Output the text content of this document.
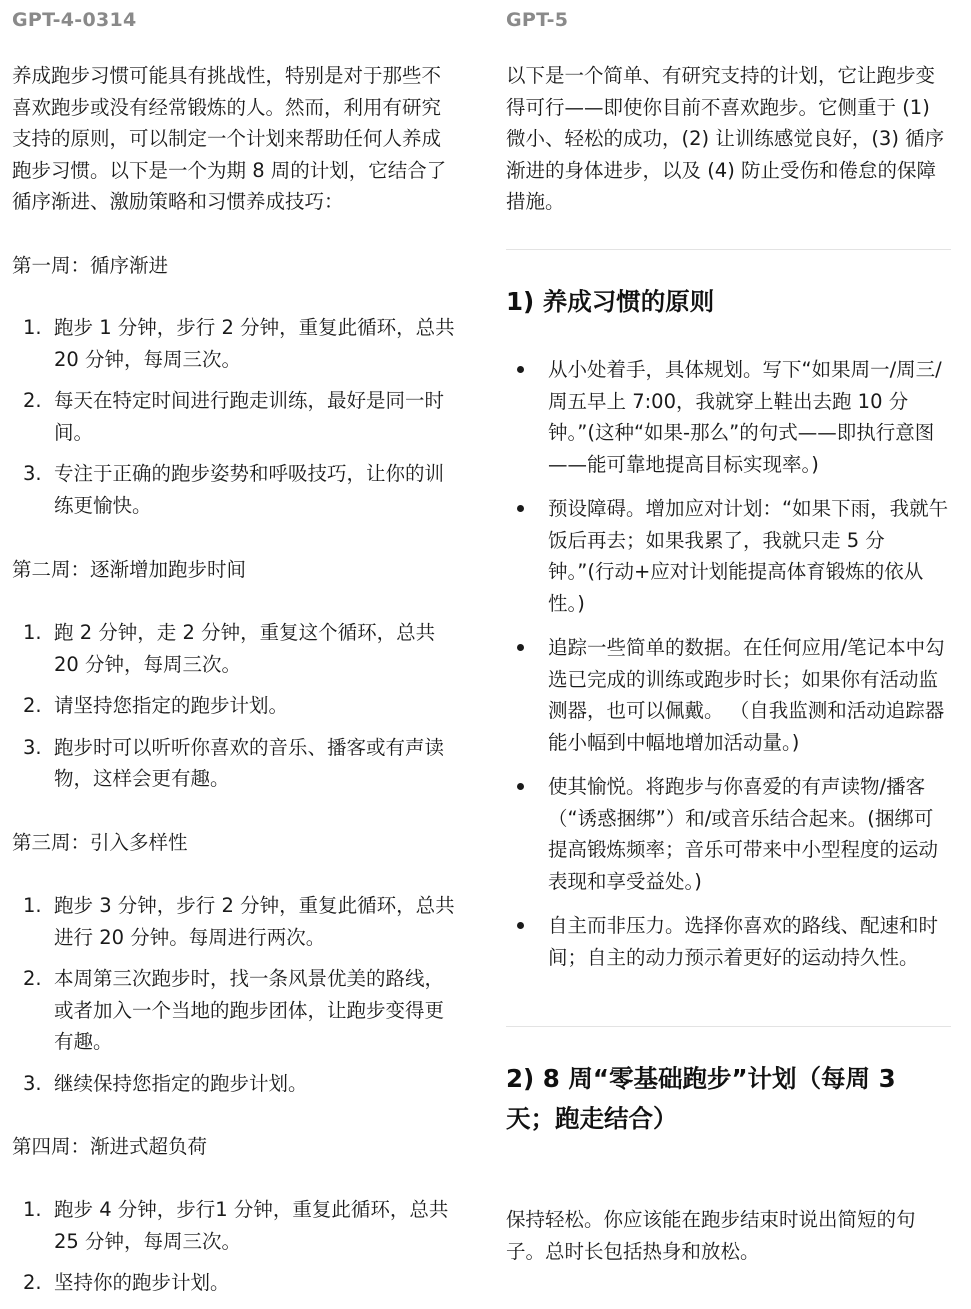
GPT-4-0314

养成跑步习惯可能具有挑战性，特别是对于那些不喜欢跑步或没有经常锻炼的人。然而，利用有研究支持的原则，可以制定一个计划来帮助任何人养成跑步习惯。以下是一个为期 8 周的计划，它结合了循序渐进、激励策略和习惯养成技巧：

第一周：循序渐进

1. 跑步 1 分钟，步行 2 分钟，重复此循环，总共 20 分钟，每周三次。
2. 每天在特定时间进行跑走训练，最好是同一时间。
3. 专注于正确的跑步姿势和呼吸技巧，让你的训练更愉快。

第二周：逐渐增加跑步时间

1. 跑 2 分钟，走 2 分钟，重复这个循环，总共 20 分钟，每周三次。
2. 请坚持您指定的跑步计划。
3. 跑步时可以听听你喜欢的音乐、播客或有声读物，这样会更有趣。

第三周：引入多样性

1. 跑步 3 分钟，步行 2 分钟，重复此循环，总共进行 20 分钟。每周进行两次。
2. 本周第三次跑步时，找一条风景优美的路线，或者加入一个当地的跑步团体，让跑步变得更有趣。
3. 继续保持您指定的跑步计划。

第四周：渐进式超负荷

1. 跑步 4 分钟，步行1 分钟，重复此循环，总共 25 分钟，每周三次。
2. 坚持你的跑步计划。
GPT-5

以下是一个简单、有研究支持的计划，它让跑步变得可行——即使你目前不喜欢跑步。它侧重于 (1) 微小、轻松的成功，(2) 让训练感觉良好，(3) 循序渐进的身体进步，以及 (4) 防止受伤和倦怠的保障措施。

1) 养成习惯的原则
从小处着手，具体规划。写下“如果周一/周三/周五早上 7:00，我就穿上鞋出去跑 10 分钟。”(这种“如果-那么”的句式——即执行意图——能可靠地提高目标实现率。)
预设障碍。增加应对计划：“如果下雨，我就午饭后再去；如果我累了，我就只走 5 分钟。”(行动+应对计划能提高体育锻炼的依从性。)
追踪一些简单的数据。在任何应用/笔记本中勾选已完成的训练或跑步时长；如果你有活动监测器，也可以佩戴。 （自我监测和活动追踪器能小幅到中幅地增加活动量。)
使其愉悦。将跑步与你喜爱的有声读物/播客（“诱惑捆绑”）和/或音乐结合起来。(捆绑可提高锻炼频率；音乐可带来中小型程度的运动表现和享受益处。)
自主而非压力。选择你喜欢的路线、配速和时间；自主的动力预示着更好的运动持久性。
2) 8 周“零基础跑步”计划（每周 3 天；跑走结合）

保持轻松。你应该能在跑步结束时说出简短的句子。总时长包括热身和放松。
